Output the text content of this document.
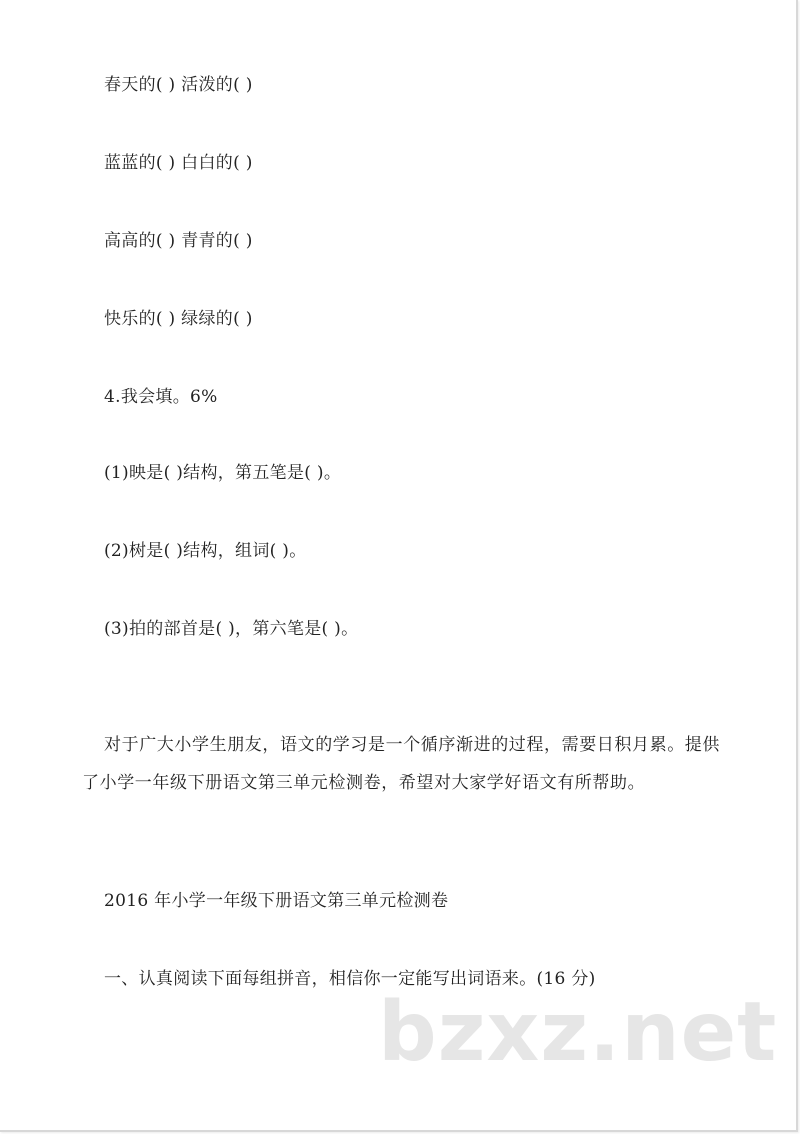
春天的( ) 活泼的( )
蓝蓝的( ) 白白的( )
高高的( ) 青青的( )
快乐的( ) 绿绿的( )
4.我会填。6%
(1)映是( )结构，第五笔是( )。
(2)树是( )结构，组词( )。
(3)拍的部首是( )，第六笔是( )。
对于广大小学生朋友，语文的学习是一个循序渐进的过程，需要日积月累。提供了小学一年级下册语文第三单元检测卷，希望对大家学好语文有所帮助。
2016 年小学一年级下册语文第三单元检测卷
一、认真阅读下面每组拼音，相信你一定能写出词语来。(16 分)
bzxz.net
